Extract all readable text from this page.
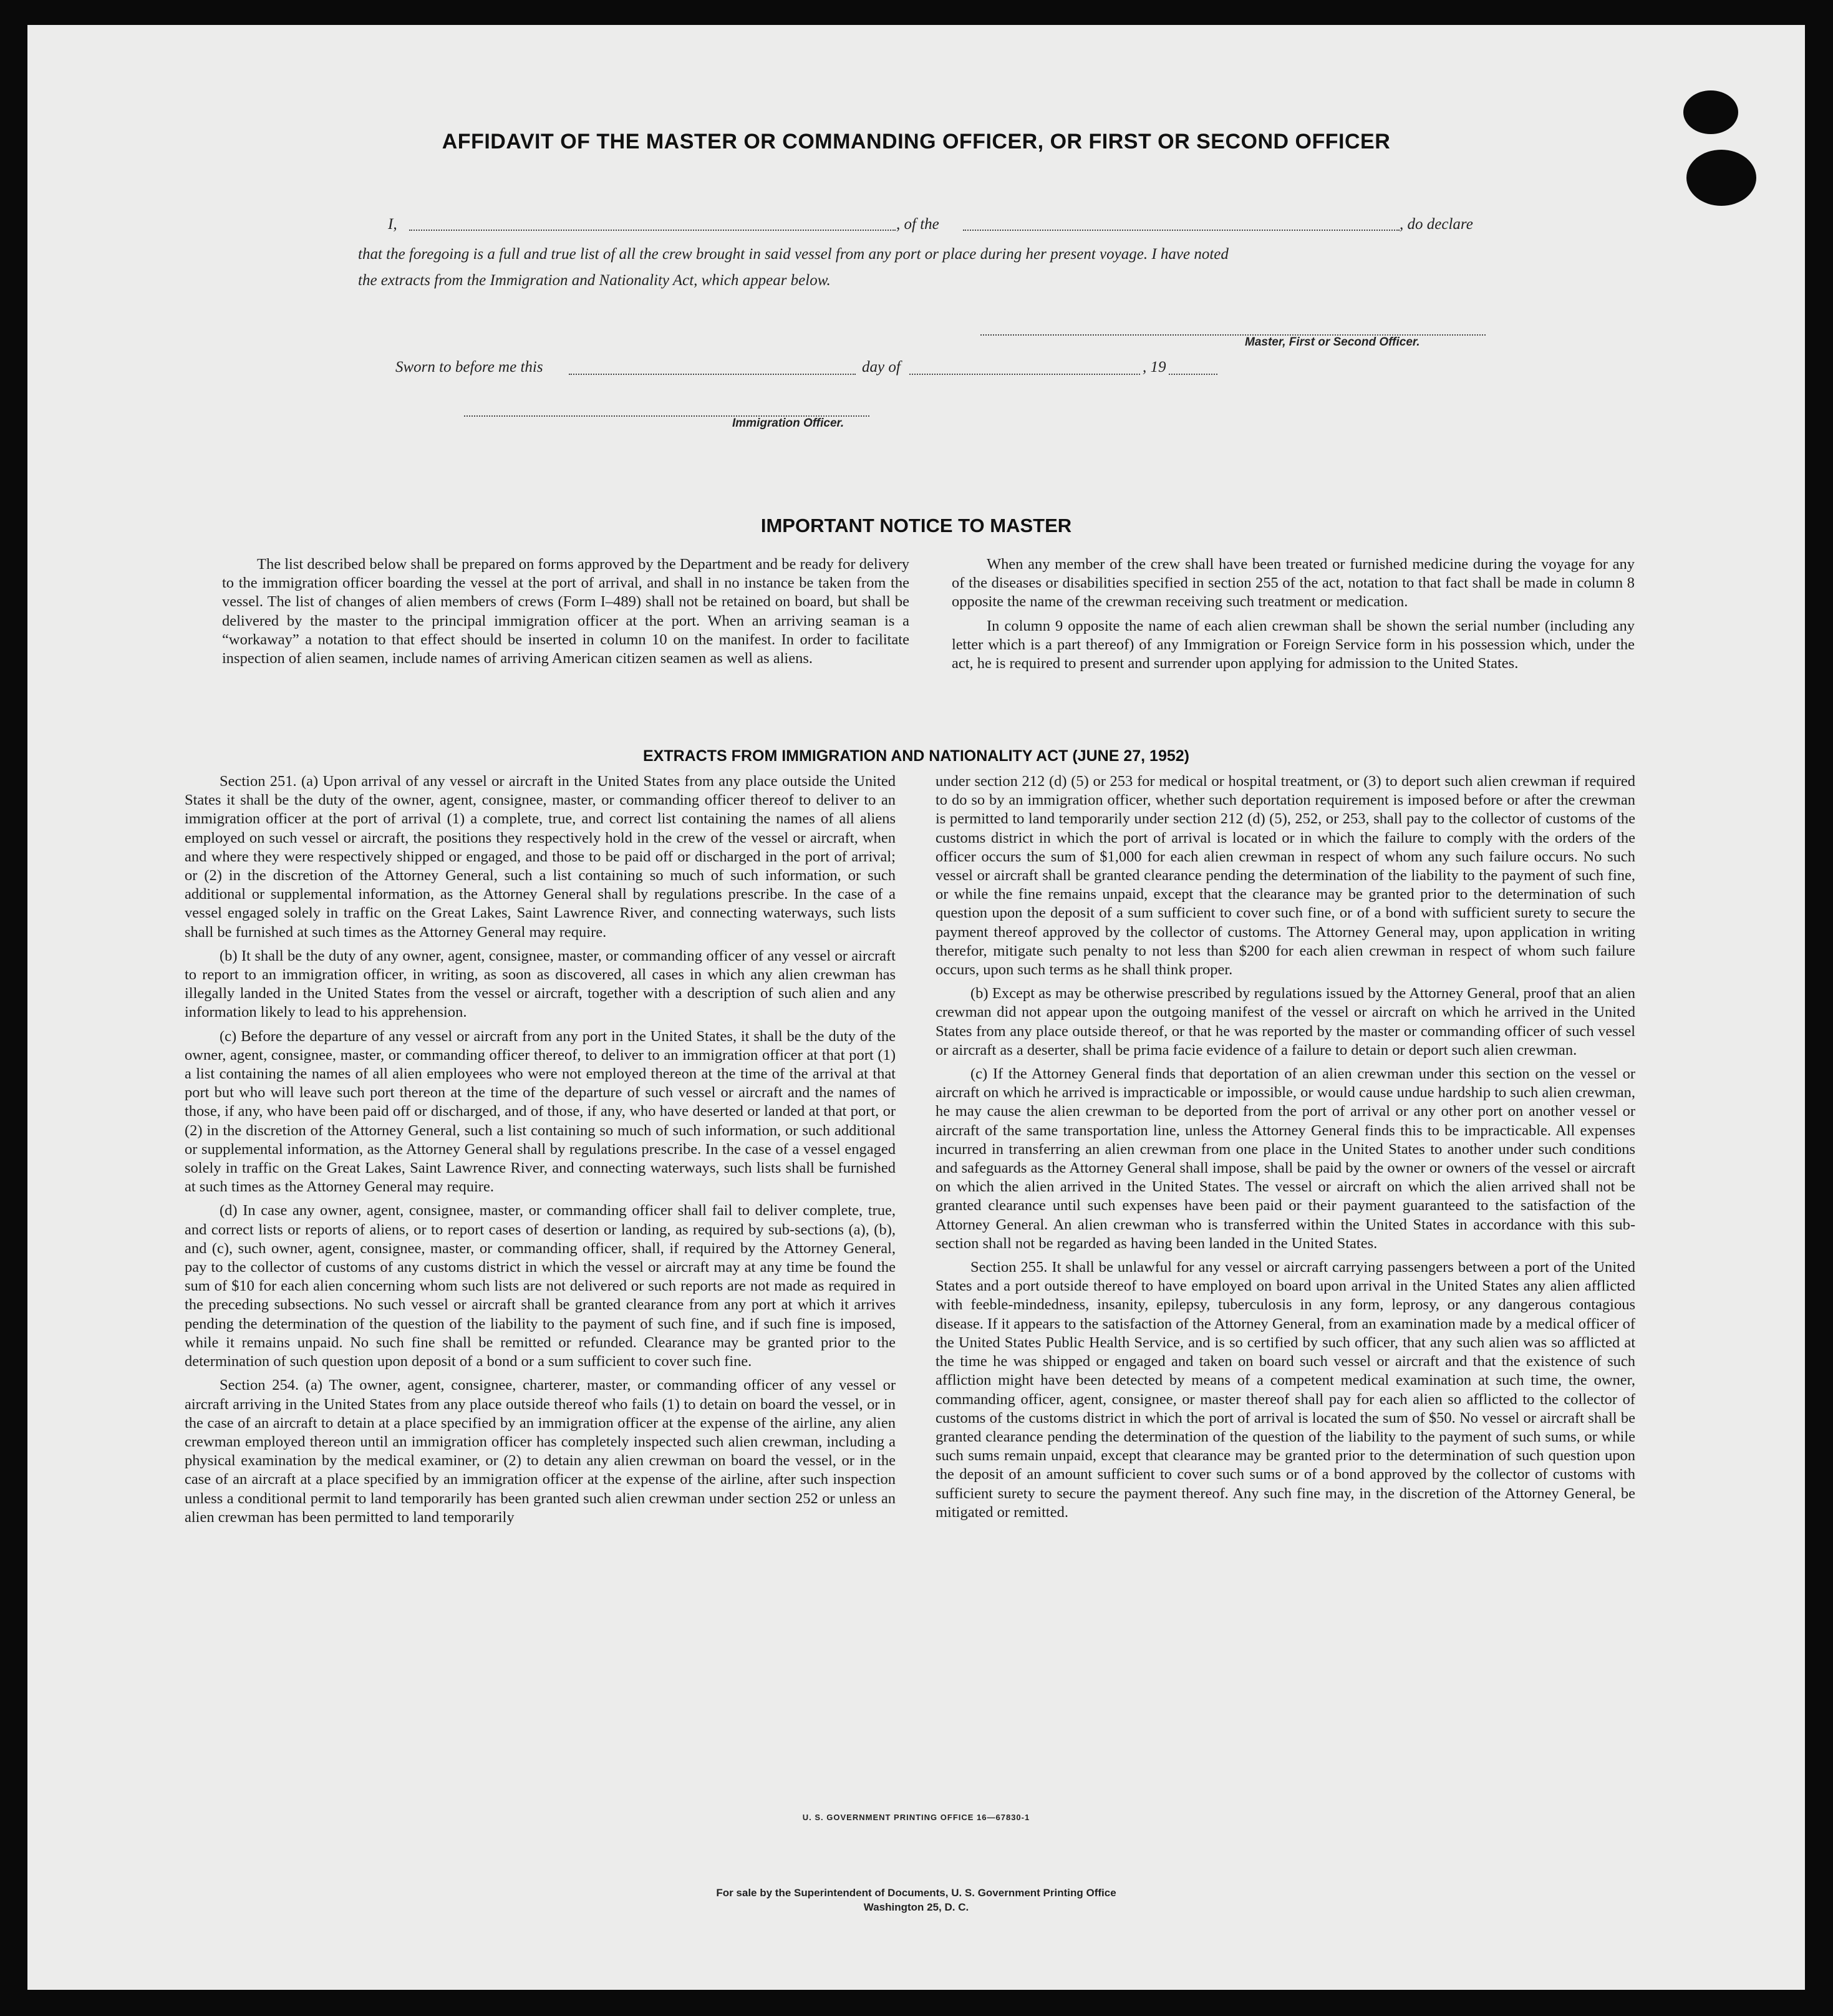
AFFIDAVIT OF THE MASTER OR COMMANDING OFFICER, OR FIRST OR SECOND OFFICER
I,	, of the	, do declare
that the foregoing is a full and true list of all the crew brought in said vessel from any port or place during her present voyage. I have noted
the extracts from the Immigration and Nationality Act, which appear below.
Master, First or Second Officer.
Sworn to before me this	day of	, 19
Immigration Officer.
IMPORTANT NOTICE TO MASTER

The list described below shall be prepared on forms approved by the Department and be ready for delivery to the immigration officer boarding the vessel at the port of arrival, and shall in no instance be taken from the vessel. The list of changes of alien members of crews (Form I–489) shall not be retained on board, but shall be delivered by the master to the principal immigration officer at the port. When an arriving seaman is a “workaway” a notation to that effect should be inserted in column 10 on the manifest. In order to facilitate inspection of alien seamen, include names of arriving American citizen seamen as well as aliens.

When any member of the crew shall have been treated or furnished medicine during the voyage for any of the diseases or disabilities specified in section 255 of the act, notation to that fact shall be made in column 8 opposite the name of the crewman receiving such treatment or medication.

In column 9 opposite the name of each alien crewman shall be shown the serial number (including any letter which is a part thereof) of any Immigration or Foreign Service form in his possession which, under the act, he is required to present and surrender upon applying for admission to the United States.

EXTRACTS FROM IMMIGRATION AND NATIONALITY ACT (JUNE 27, 1952)

Section 251. (a) Upon arrival of any vessel or aircraft in the United States from any place outside the United States it shall be the duty of the owner, agent, consignee, master, or commanding officer thereof to deliver to an immigration officer at the port of arrival (1) a complete, true, and correct list containing the names of all aliens employed on such vessel or aircraft, the positions they respectively hold in the crew of the vessel or aircraft, when and where they were respectively shipped or engaged, and those to be paid off or discharged in the port of arrival; or (2) in the discretion of the Attorney General, such a list containing so much of such information, or such additional or supplemental information, as the Attorney General shall by regulations prescribe. In the case of a vessel engaged solely in traffic on the Great Lakes, Saint Lawrence River, and connecting waterways, such lists shall be furnished at such times as the Attorney General may require.

(b) It shall be the duty of any owner, agent, consignee, master, or commanding officer of any vessel or aircraft to report to an immigration officer, in writing, as soon as discovered, all cases in which any alien crewman has illegally landed in the United States from the vessel or aircraft, together with a description of such alien and any information likely to lead to his apprehension.

(c) Before the departure of any vessel or aircraft from any port in the United States, it shall be the duty of the owner, agent, consignee, master, or commanding officer thereof, to deliver to an immigration officer at that port (1) a list containing the names of all alien employees who were not employed thereon at the time of the arrival at that port but who will leave such port thereon at the time of the departure of such vessel or aircraft and the names of those, if any, who have been paid off or discharged, and of those, if any, who have deserted or landed at that port, or (2) in the discretion of the Attorney General, such a list containing so much of such information, or such additional or supplemental information, as the Attorney General shall by regulations prescribe. In the case of a vessel engaged solely in traffic on the Great Lakes, Saint Lawrence River, and connecting waterways, such lists shall be furnished at such times as the Attorney General may require.

(d) In case any owner, agent, consignee, master, or commanding officer shall fail to deliver complete, true, and correct lists or reports of aliens, or to report cases of desertion or landing, as required by sub-sections (a), (b), and (c), such owner, agent, consignee, master, or commanding officer, shall, if required by the Attorney General, pay to the collector of customs of any customs district in which the vessel or aircraft may at any time be found the sum of $10 for each alien concerning whom such lists are not delivered or such reports are not made as required in the preceding subsections. No such vessel or aircraft shall be granted clearance from any port at which it arrives pending the determination of the question of the liability to the payment of such fine, and if such fine is imposed, while it remains unpaid. No such fine shall be remitted or refunded. Clearance may be granted prior to the determination of such question upon deposit of a bond or a sum sufficient to cover such fine.

Section 254. (a) The owner, agent, consignee, charterer, master, or commanding officer of any vessel or aircraft arriving in the United States from any place outside thereof who fails (1) to detain on board the vessel, or in the case of an aircraft to detain at a place specified by an immigration officer at the expense of the airline, any alien crewman employed thereon until an immigration officer has completely inspected such alien crewman, including a physical examination by the medical examiner, or (2) to detain any alien crewman on board the vessel, or in the case of an aircraft at a place specified by an immigration officer at the expense of the airline, after such inspection unless a conditional permit to land temporarily has been granted such alien crewman under section 252 or unless an alien crewman has been permitted to land temporarily

under section 212 (d) (5) or 253 for medical or hospital treatment, or (3) to deport such alien crewman if required to do so by an immigration officer, whether such deportation requirement is imposed before or after the crewman is permitted to land temporarily under section 212 (d) (5), 252, or 253, shall pay to the collector of customs of the customs district in which the port of arrival is located or in which the failure to comply with the orders of the officer occurs the sum of $1,000 for each alien crewman in respect of whom any such failure occurs. No such vessel or aircraft shall be granted clearance pending the determination of the liability to the payment of such fine, or while the fine remains unpaid, except that the clearance may be granted prior to the determination of such question upon the deposit of a sum sufficient to cover such fine, or of a bond with sufficient surety to secure the payment thereof approved by the collector of customs. The Attorney General may, upon application in writing therefor, mitigate such penalty to not less than $200 for each alien crewman in respect of whom such failure occurs, upon such terms as he shall think proper.

(b) Except as may be otherwise prescribed by regulations issued by the Attorney General, proof that an alien crewman did not appear upon the outgoing manifest of the vessel or aircraft on which he arrived in the United States from any place outside thereof, or that he was reported by the master or commanding officer of such vessel or aircraft as a deserter, shall be prima facie evidence of a failure to detain or deport such alien crewman.

(c) If the Attorney General finds that deportation of an alien crewman under this section on the vessel or aircraft on which he arrived is impracticable or impossible, or would cause undue hardship to such alien crewman, he may cause the alien crewman to be deported from the port of arrival or any other port on another vessel or aircraft of the same transportation line, unless the Attorney General finds this to be impracticable. All expenses incurred in transferring an alien crewman from one place in the United States to another under such conditions and safeguards as the Attorney General shall impose, shall be paid by the owner or owners of the vessel or aircraft on which the alien arrived in the United States. The vessel or aircraft on which the alien arrived shall not be granted clearance until such expenses have been paid or their payment guaranteed to the satisfaction of the Attorney General. An alien crewman who is transferred within the United States in accordance with this sub-section shall not be regarded as having been landed in the United States.

Section 255. It shall be unlawful for any vessel or aircraft carrying passengers between a port of the United States and a port outside thereof to have employed on board upon arrival in the United States any alien afflicted with feeble-mindedness, insanity, epilepsy, tuberculosis in any form, leprosy, or any dangerous contagious disease. If it appears to the satisfaction of the Attorney General, from an examination made by a medical officer of the United States Public Health Service, and is so certified by such officer, that any such alien was so afflicted at the time he was shipped or engaged and taken on board such vessel or aircraft and that the existence of such affliction might have been detected by means of a competent medical examination at such time, the owner, commanding officer, agent, consignee, or master thereof shall pay for each alien so afflicted to the collector of customs of the customs district in which the port of arrival is located the sum of $50. No vessel or aircraft shall be granted clearance pending the determination of the question of the liability to the payment of such sums, or while such sums remain unpaid, except that clearance may be granted prior to the determination of such question upon the deposit of an amount sufficient to cover such sums or of a bond approved by the collector of customs with sufficient surety to secure the payment thereof. Any such fine may, in the discretion of the Attorney General, be mitigated or remitted.

U. S. GOVERNMENT PRINTING OFFICE 16—67830-1
For sale by the Superintendent of Documents, U. S. Government Printing Office
Washington 25, D. C.
